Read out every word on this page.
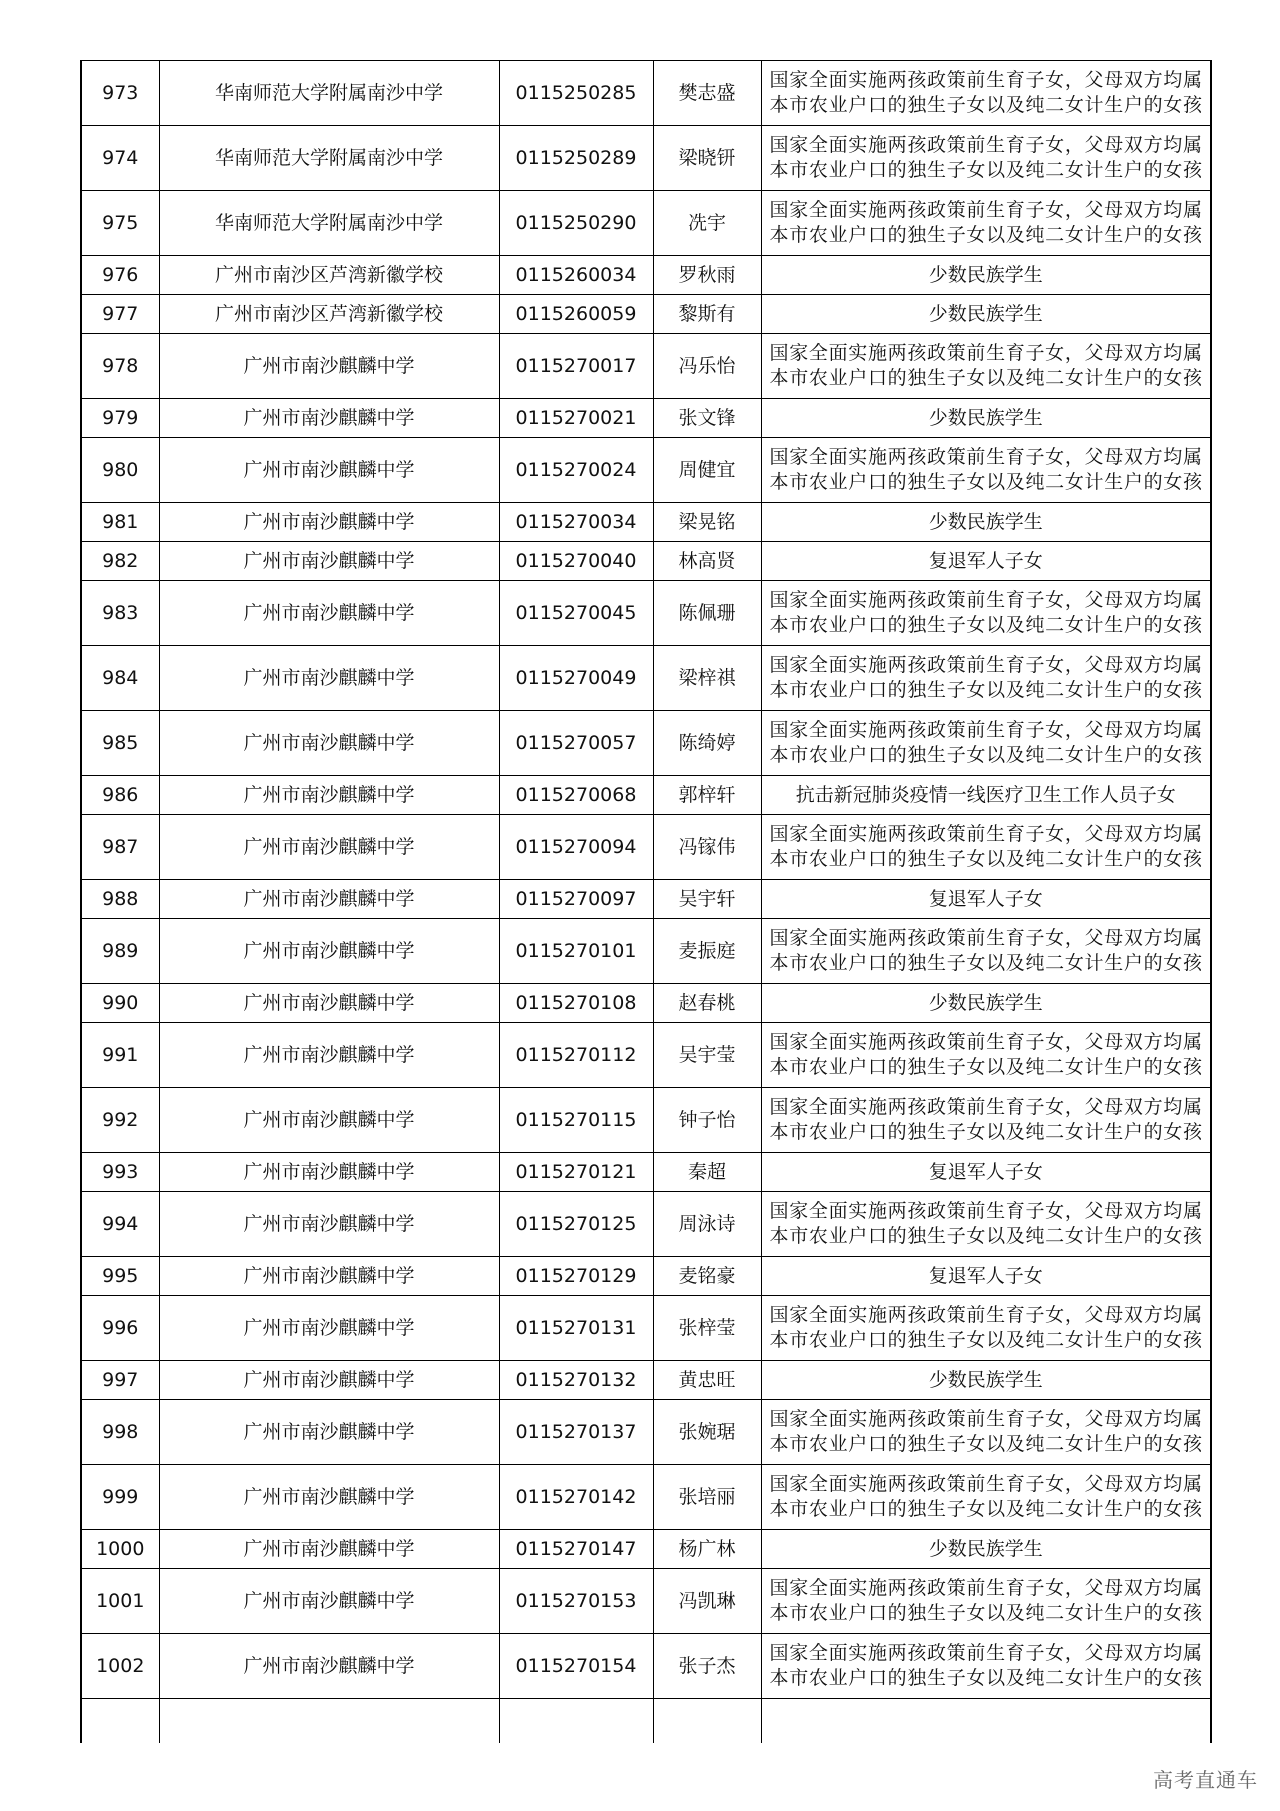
973	华南师范大学附属南沙中学	0115250285	樊志盛	国家全面实施两孩政策前生育子女，父母双方均属本市农业户口的独生子女以及纯二女计生户的女孩
974	华南师范大学附属南沙中学	0115250289	梁晓钘	国家全面实施两孩政策前生育子女，父母双方均属本市农业户口的独生子女以及纯二女计生户的女孩
975	华南师范大学附属南沙中学	0115250290	冼宇	国家全面实施两孩政策前生育子女，父母双方均属本市农业户口的独生子女以及纯二女计生户的女孩
976	广州市南沙区芦湾新徽学校	0115260034	罗秋雨	少数民族学生
977	广州市南沙区芦湾新徽学校	0115260059	黎斯有	少数民族学生
978	广州市南沙麒麟中学	0115270017	冯乐怡	国家全面实施两孩政策前生育子女，父母双方均属本市农业户口的独生子女以及纯二女计生户的女孩
979	广州市南沙麒麟中学	0115270021	张文锋	少数民族学生
980	广州市南沙麒麟中学	0115270024	周健宜	国家全面实施两孩政策前生育子女，父母双方均属本市农业户口的独生子女以及纯二女计生户的女孩
981	广州市南沙麒麟中学	0115270034	梁晃铭	少数民族学生
982	广州市南沙麒麟中学	0115270040	林高贤	复退军人子女
983	广州市南沙麒麟中学	0115270045	陈佩珊	国家全面实施两孩政策前生育子女，父母双方均属本市农业户口的独生子女以及纯二女计生户的女孩
984	广州市南沙麒麟中学	0115270049	梁梓祺	国家全面实施两孩政策前生育子女，父母双方均属本市农业户口的独生子女以及纯二女计生户的女孩
985	广州市南沙麒麟中学	0115270057	陈绮婷	国家全面实施两孩政策前生育子女，父母双方均属本市农业户口的独生子女以及纯二女计生户的女孩
986	广州市南沙麒麟中学	0115270068	郭梓轩	抗击新冠肺炎疫情一线医疗卫生工作人员子女
987	广州市南沙麒麟中学	0115270094	冯镓伟	国家全面实施两孩政策前生育子女，父母双方均属本市农业户口的独生子女以及纯二女计生户的女孩
988	广州市南沙麒麟中学	0115270097	吴宇轩	复退军人子女
989	广州市南沙麒麟中学	0115270101	麦振庭	国家全面实施两孩政策前生育子女，父母双方均属本市农业户口的独生子女以及纯二女计生户的女孩
990	广州市南沙麒麟中学	0115270108	赵春桃	少数民族学生
991	广州市南沙麒麟中学	0115270112	吴宇莹	国家全面实施两孩政策前生育子女，父母双方均属本市农业户口的独生子女以及纯二女计生户的女孩
992	广州市南沙麒麟中学	0115270115	钟子怡	国家全面实施两孩政策前生育子女，父母双方均属本市农业户口的独生子女以及纯二女计生户的女孩
993	广州市南沙麒麟中学	0115270121	秦超	复退军人子女
994	广州市南沙麒麟中学	0115270125	周泳诗	国家全面实施两孩政策前生育子女，父母双方均属本市农业户口的独生子女以及纯二女计生户的女孩
995	广州市南沙麒麟中学	0115270129	麦铭豪	复退军人子女
996	广州市南沙麒麟中学	0115270131	张梓莹	国家全面实施两孩政策前生育子女，父母双方均属本市农业户口的独生子女以及纯二女计生户的女孩
997	广州市南沙麒麟中学	0115270132	黄忠旺	少数民族学生
998	广州市南沙麒麟中学	0115270137	张婉琚	国家全面实施两孩政策前生育子女，父母双方均属本市农业户口的独生子女以及纯二女计生户的女孩
999	广州市南沙麒麟中学	0115270142	张培丽	国家全面实施两孩政策前生育子女，父母双方均属本市农业户口的独生子女以及纯二女计生户的女孩
1000	广州市南沙麒麟中学	0115270147	杨广林	少数民族学生
1001	广州市南沙麒麟中学	0115270153	冯凯琳	国家全面实施两孩政策前生育子女，父母双方均属本市农业户口的独生子女以及纯二女计生户的女孩
1002	广州市南沙麒麟中学	0115270154	张子杰	国家全面实施两孩政策前生育子女，父母双方均属本市农业户口的独生子女以及纯二女计生户的女孩

高考直通车
